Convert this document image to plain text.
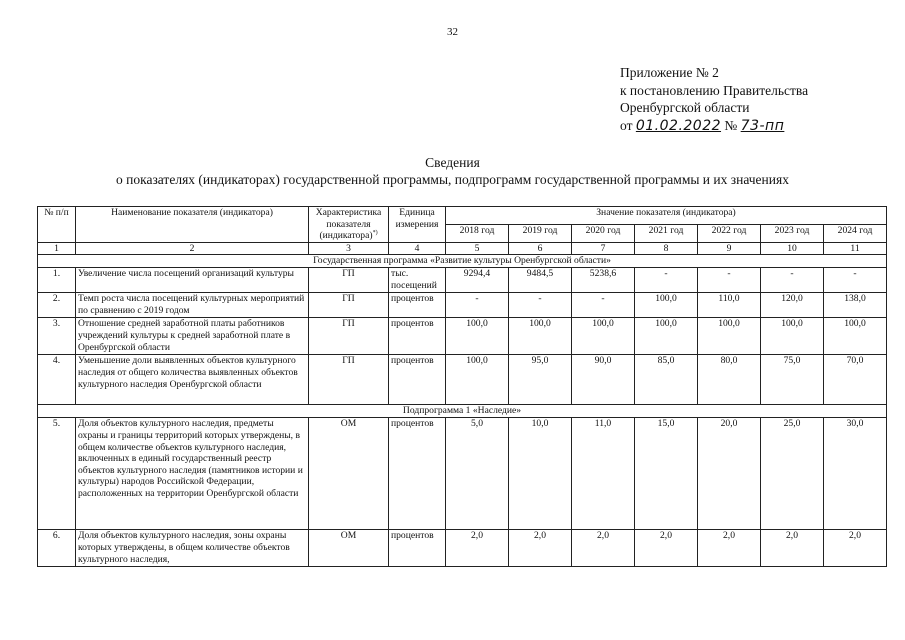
32
Приложение № 2
к постановлению Правительства
Оренбургской области
от 01.02.2022 № 73-пп
Сведения
о показателях (индикаторах) государственной программы, подпрограмм государственной программы и их значениях
№ п/п	Наименование показателя (индикатора)	Характеристика показателя (индикатора)*)	Единица измерения	Значение показателя (индикатора)						
				2018 год	2019 год	2020 год	2021 год	2022 год	2023 год	2024 год
1	2	3	4	5	6	7	8	9	10	11
Государственная программа «Развитие культуры Оренбургской области»										
1.	Увеличение числа посещений организаций культуры	ГП	тыс. посещений	9294,4	9484,5	5238,6	-	-	-	-
2.	Темп роста числа посещений культурных мероприятий по сравнению с 2019 годом	ГП	процентов	-	-	-	100,0	110,0	120,0	138,0
3.	Отношение средней заработной платы работников учреждений культуры к средней заработной плате в Оренбургской области	ГП	процентов	100,0	100,0	100,0	100,0	100,0	100,0	100,0
4.	Уменьшение доли выявленных объектов культурного наследия от общего количества выявленных объектов культурного наследия Оренбургской области	ГП	процентов	100,0	95,0	90,0	85,0	80,0	75,0	70,0
Подпрограмма 1 «Наследие»										
5.	Доля объектов культурного наследия, предметы охраны и границы территорий которых утверждены, в общем количестве объектов культурного наследия, включенных в единый государственный реестр объектов культурного наследия (памятников истории и культуры) народов Российской Федерации, расположенных на территории Оренбургской области	ОМ	процентов	5,0	10,0	11,0	15,0	20,0	25,0	30,0
6.	Доля объектов культурного наследия, зоны охраны которых утверждены, в общем количестве объектов культурного наследия,	ОМ	процентов	2,0	2,0	2,0	2,0	2,0	2,0	2,0
